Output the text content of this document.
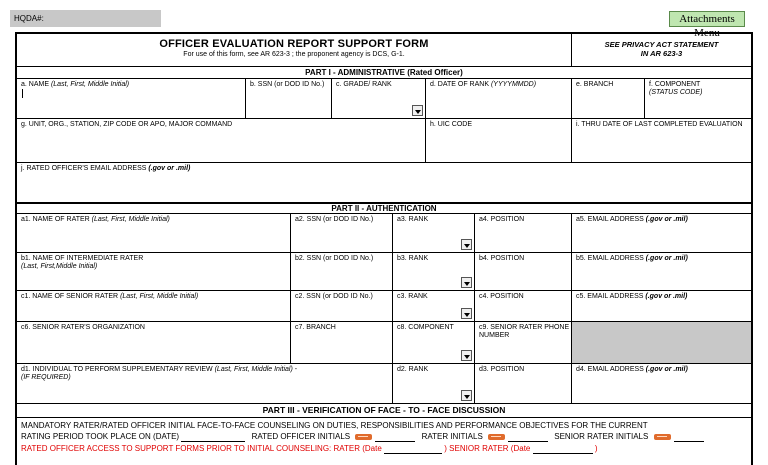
HQDA#:	Attachments Menu
OFFICER EVALUATION REPORT SUPPORT FORM
For use of this form, see AR 623-3 ; the proponent agency is DCS, G-1.
SEE PRIVACY ACT STATEMENT
IN AR 623-3
PART I - ADMINISTRATIVE (Rated Officer)
a. NAME (Last, First, Middle Initial)	b. SSN (or DOD ID No.)	c. GRADE/ RANK	d. DATE OF RANK (YYYYMMDD)	e. BRANCH	f. COMPONENT
(STATUS CODE)
g. UNIT, ORG., STATION, ZIP CODE OR APO, MAJOR COMMAND	h. UIC CODE	i. THRU DATE OF LAST COMPLETED EVALUATION
j. RATED OFFICER'S EMAIL ADDRESS (.gov or .mil)
PART II - AUTHENTICATION
a1. NAME OF RATER (Last, First, Middle Initial)	a2. SSN (or DOD ID No.)	a3. RANK	a4. POSITION	a5. EMAIL ADDRESS (.gov or .mil)
b1. NAME OF INTERMEDIATE RATER
(Last, First,Middle Initial)
b2. SSN (or DOD ID No.)	b3. RANK	b4. POSITION	b5. EMAIL ADDRESS (.gov or .mil)
c1. NAME OF SENIOR RATER (Last, First, Middle Initial)	c2. SSN (or DOD ID No.)	c3. RANK	c4. POSITION	c5. EMAIL ADDRESS (.gov or .mil)
c6. SENIOR RATER'S ORGANIZATION	c7. BRANCH	c8. COMPONENT	c9. SENIOR RATER PHONE NUMBER
d1. INDIVIDUAL TO PERFORM SUPPLEMENTARY REVIEW (Last, First, Middle Initial) -
(IF REQUIRED)
d2. RANK	d3. POSITION	d4. EMAIL ADDRESS (.gov or .mil)
PART III - VERIFICATION OF FACE - TO - FACE DISCUSSION
MANDATORY RATER/RATED OFFICER INITIAL FACE-TO-FACE COUNSELING ON DUTIES, RESPONSIBILITIES AND PERFORMANCE OBJECTIVES FOR THE CURRENT
RATING PERIOD TOOK PLACE ON (DATE)	RATED OFFICER INITIALS	RATER INITIALS	SENIOR RATER INITIALS
RATED OFFICER ACCESS TO SUPPORT FORMS PRIOR TO INITIAL COUNSELING: RATER (Date	) SENIOR RATER (Date	)
